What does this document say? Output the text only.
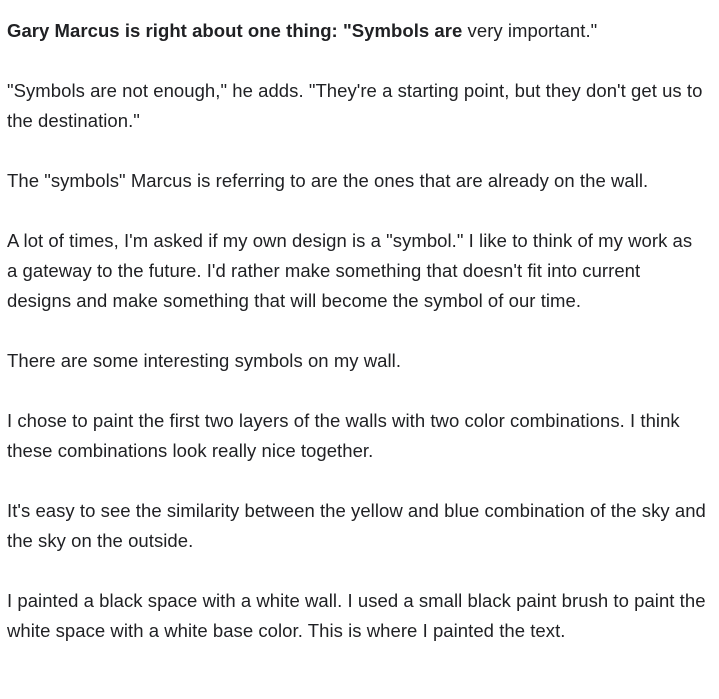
Gary Marcus is right about one thing: "Symbols are very important."

"Symbols are not enough," he adds. "They're a starting point, but they don't get us to the destination."

The "symbols" Marcus is referring to are the ones that are already on the wall.

A lot of times, I'm asked if my own design is a "symbol." I like to think of my work as a gateway to the future. I'd rather make something that doesn't fit into current designs and make something that will become the symbol of our time.

There are some interesting symbols on my wall.

I chose to paint the first two layers of the walls with two color combinations. I think these combinations look really nice together.

It's easy to see the similarity between the yellow and blue combination of the sky and the sky on the outside.

I painted a black space with a white wall. I used a small black paint brush to paint the white space with a white base color. This is where I painted the text.
